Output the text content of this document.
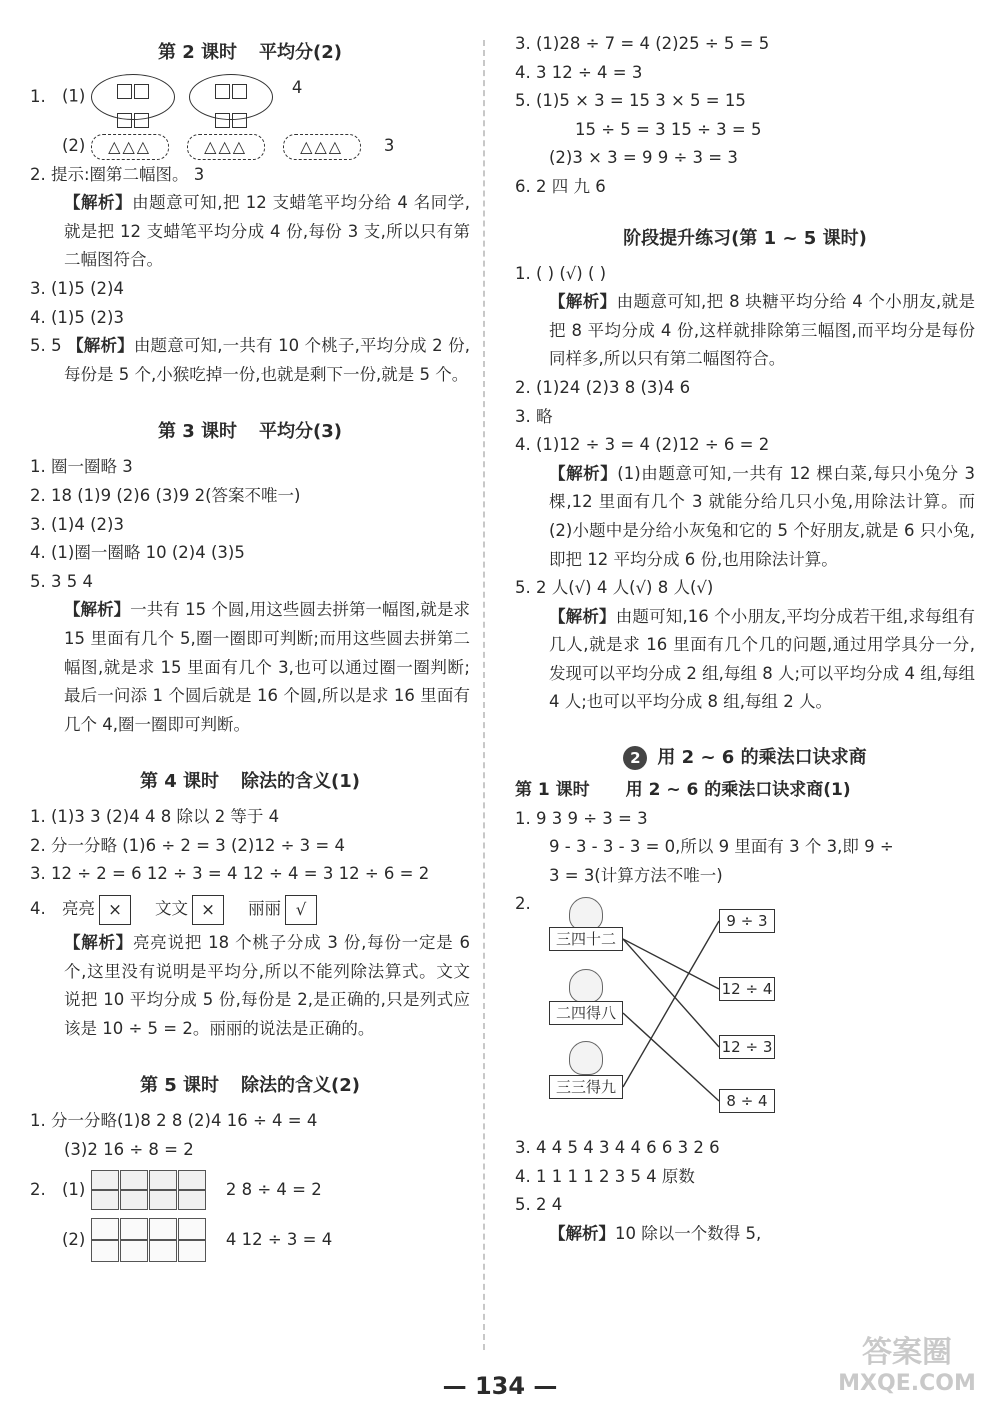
第 2 课时 平均分(2)
1. (1)	4
(2) △△△	△△△	△△△ 3
2. 提示:圈第二幅图。 3
【解析】由题意可知,把 12 支蜡笔平均分给 4 名同学,就是把 12 支蜡笔平均分成 4 份,每份 3 支,所以只有第二幅图符合。
3. (1)5 (2)4
4. (1)5 (2)3
5. 5 【解析】由题意可知,一共有 10 个桃子,平均分成 2 份,每份是 5 个,小猴吃掉一份,也就是剩下一份,就是 5 个。
第 3 课时 平均分(3)
1. 圈一圈略 3
2. 18 (1)9 (2)6 (3)9 2(答案不唯一)
3. (1)4 (2)3
4. (1)圈一圈略 10 (2)4 (3)5
5. 3 5 4
【解析】一共有 15 个圆,用这些圆去拼第一幅图,就是求 15 里面有几个 5,圈一圈即可判断;而用这些圆去拼第二幅图,就是求 15 里面有几个 3,也可以通过圈一圈判断;最后一问添 1 个圆后就是 16 个圆,所以是求 16 里面有几个 4,圈一圈即可判断。
第 4 课时 除法的含义(1)
1. (1)3 3 (2)4 4 8 除以 2 等于 4
2. 分一分略 (1)6 ÷ 2 = 3 (2)12 ÷ 3 = 4
3. 12 ÷ 2 = 6 12 ÷ 3 = 4 12 ÷ 4 = 3 12 ÷ 6 = 2
4. 亮亮 × 文文 × 丽丽 √
【解析】亮亮说把 18 个桃子分成 3 份,每份一定是 6 个,这里没有说明是平均分,所以不能列除法算式。文文说把 10 平均分成 5 份,每份是 2,是正确的,只是列式应该是 10 ÷ 5 = 2。丽丽的说法是正确的。
第 5 课时 除法的含义(2)
1. 分一分略(1)8 2 8 (2)4 16 ÷ 4 = 4
(3)2 16 ÷ 8 = 2
2. (1)	2 8 ÷ 4 = 2
(2)	4 12 ÷ 3 = 4
3. (1)28 ÷ 7 = 4 (2)25 ÷ 5 = 5
4. 3 12 ÷ 4 = 3
5. (1)5 × 3 = 15 3 × 5 = 15
15 ÷ 5 = 3 15 ÷ 3 = 5
(2)3 × 3 = 9 9 ÷ 3 = 3
6. 2 四 九 6
阶段提升练习(第 1 ~ 5 课时)
1. ( ) (√) ( )
【解析】由题意可知,把 8 块糖平均分给 4 个小朋友,就是把 8 平均分成 4 份,这样就排除第三幅图,而平均分是每份同样多,所以只有第二幅图符合。
2. (1)24 (2)3 8 (3)4 6
3. 略
4. (1)12 ÷ 3 = 4 (2)12 ÷ 6 = 2
【解析】(1)由题意可知,一共有 12 棵白菜,每只小兔分 3 棵,12 里面有几个 3 就能分给几只小兔,用除法计算。而(2)小题中是分给小灰兔和它的 5 个好朋友,就是 6 只小兔,即把 12 平均分成 6 份,也用除法计算。
5. 2 人(√) 4 人(√) 8 人(√)
【解析】由题可知,16 个小朋友,平均分成若干组,求每组有几人,就是求 16 里面有几个几的问题,通过用学具分一分,发现可以平均分成 2 组,每组 8 人;可以平均分成 4 组,每组 4 人;也可以平均分成 8 组,每组 2 人。
2 用 2 ~ 6 的乘法口诀求商
第 1 课时 用 2 ~ 6 的乘法口诀求商(1)
1. 9 3 9 ÷ 3 = 3
9 - 3 - 3 - 3 = 0,所以 9 里面有 3 个 3,即 9 ÷
3 = 3(计算方法不唯一)
2.
三四十二
二四得八
三三得九
9 ÷ 3
12 ÷ 4
12 ÷ 3
8 ÷ 4
3. 4 4 5 4 3 4 4 6 6 3 2 6
4. 1 1 1 1 2 3 5 4 原数
5. 2 4
【解析】10 除以一个数得 5,
— 134 —
答案圈
MXQE.COM
